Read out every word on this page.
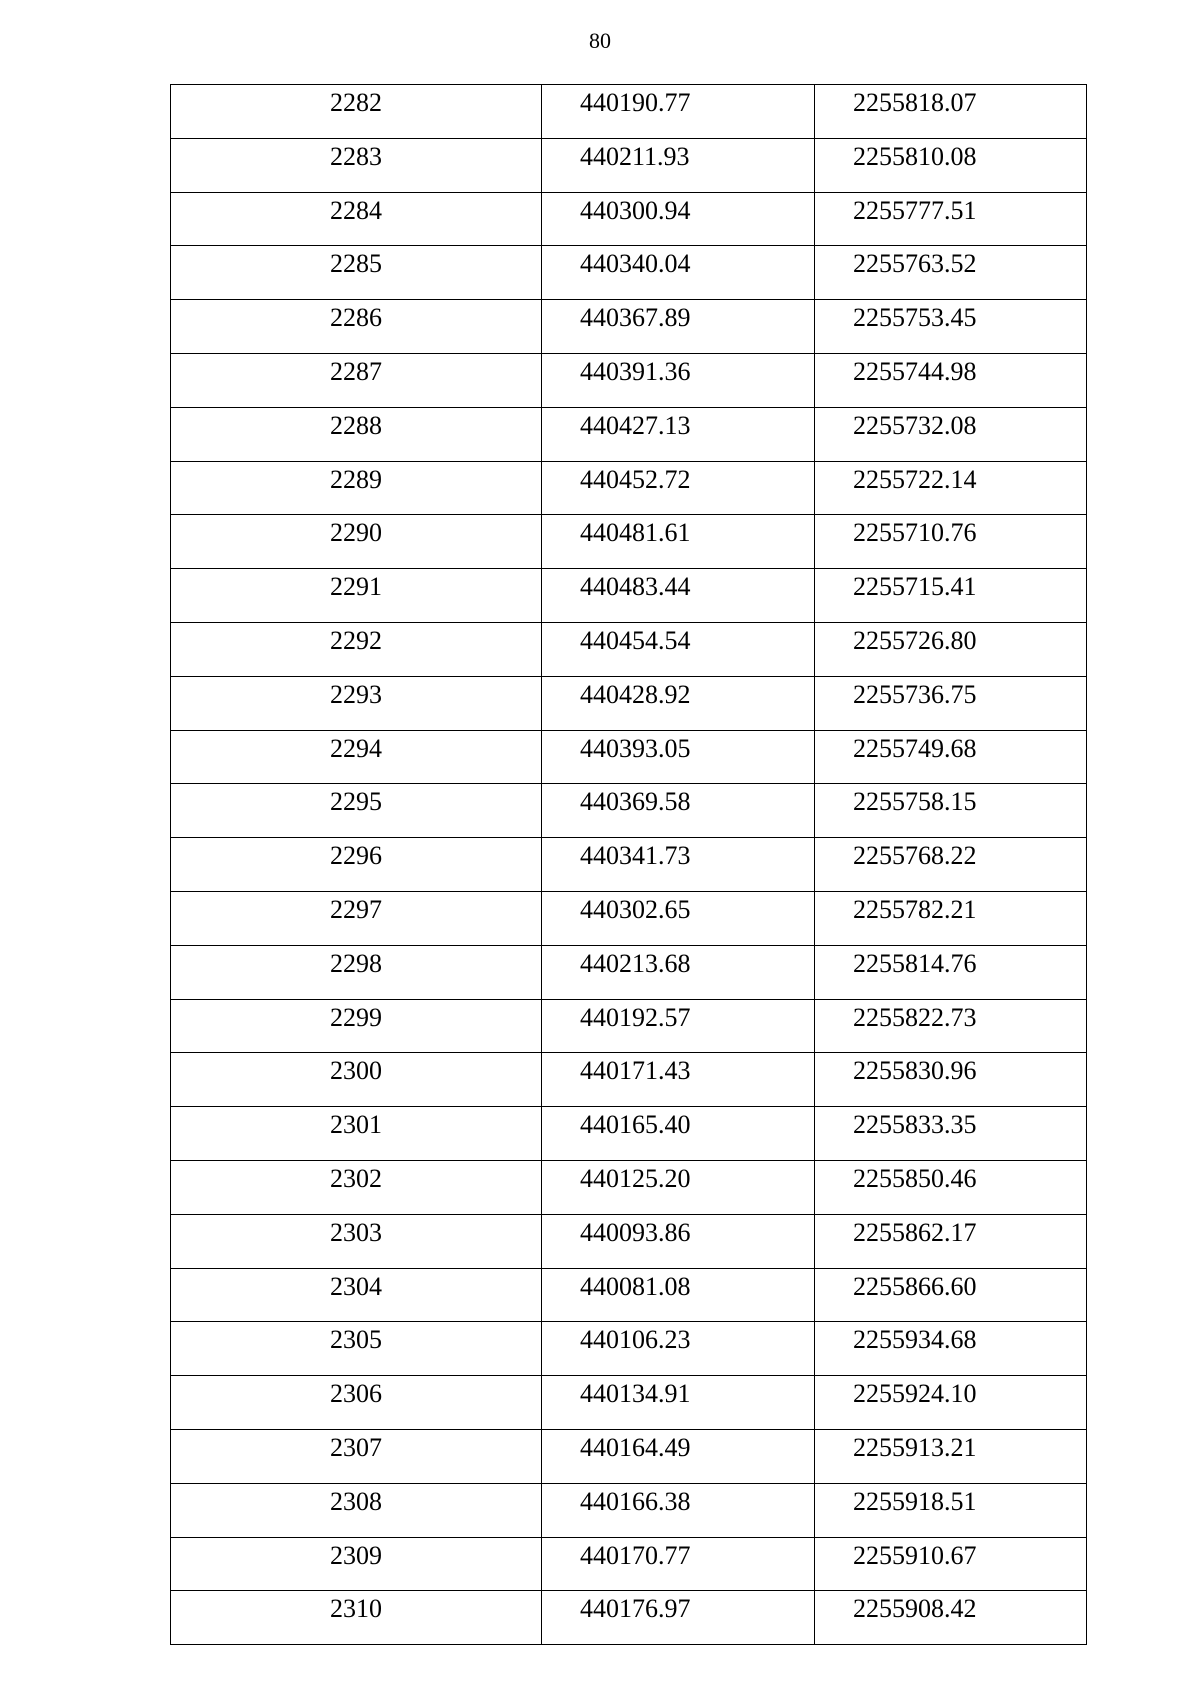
80
2282	440190.77	2255818.07

2283	440211.93	2255810.08

2284	440300.94	2255777.51

2285	440340.04	2255763.52

2286	440367.89	2255753.45

2287	440391.36	2255744.98

2288	440427.13	2255732.08

2289	440452.72	2255722.14

2290	440481.61	2255710.76

2291	440483.44	2255715.41

2292	440454.54	2255726.80

2293	440428.92	2255736.75

2294	440393.05	2255749.68

2295	440369.58	2255758.15

2296	440341.73	2255768.22

2297	440302.65	2255782.21

2298	440213.68	2255814.76

2299	440192.57	2255822.73

2300	440171.43	2255830.96

2301	440165.40	2255833.35

2302	440125.20	2255850.46

2303	440093.86	2255862.17

2304	440081.08	2255866.60

2305	440106.23	2255934.68

2306	440134.91	2255924.10

2307	440164.49	2255913.21

2308	440166.38	2255918.51

2309	440170.77	2255910.67

2310	440176.97	2255908.42
